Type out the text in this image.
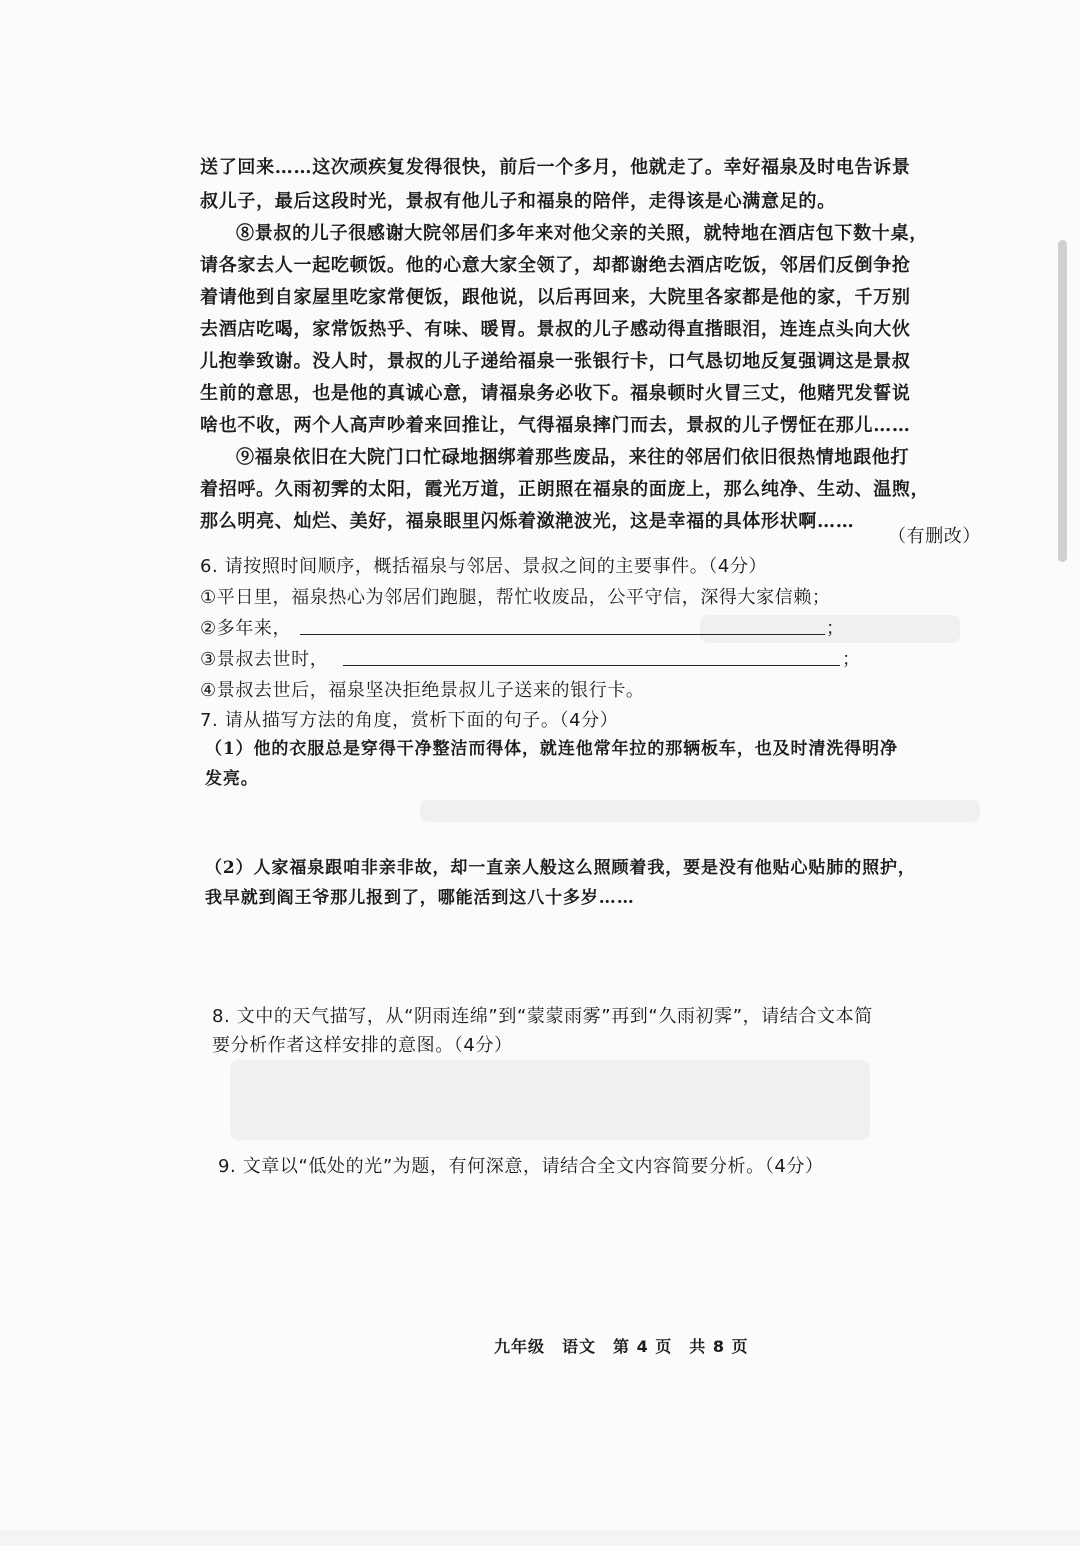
送了回来……这次顽疾复发得很快，前后一个多月，他就走了。幸好福泉及时电告诉景
叔儿子，最后这段时光，景叔有他儿子和福泉的陪伴，走得该是心满意足的。
⑧景叔的儿子很感谢大院邻居们多年来对他父亲的关照，就特地在酒店包下数十桌，
请各家去人一起吃顿饭。他的心意大家全领了，却都谢绝去酒店吃饭，邻居们反倒争抢
着请他到自家屋里吃家常便饭，跟他说，以后再回来，大院里各家都是他的家，千万别
去酒店吃喝，家常饭热乎、有味、暖胃。景叔的儿子感动得直揩眼泪，连连点头向大伙
儿抱拳致谢。没人时，景叔的儿子递给福泉一张银行卡，口气恳切地反复强调这是景叔
生前的意思，也是他的真诚心意，请福泉务必收下。福泉顿时火冒三丈，他赌咒发誓说
啥也不收，两个人高声吵着来回推让，气得福泉摔门而去，景叔的儿子愣怔在那儿……
⑨福泉依旧在大院门口忙碌地捆绑着那些废品，来往的邻居们依旧很热情地跟他打
着招呼。久雨初霁的太阳，霞光万道，正朗照在福泉的面庞上，那么纯净、生动、温煦，
那么明亮、灿烂、美好，福泉眼里闪烁着潋滟波光，这是幸福的具体形状啊……
（有删改）
6. 请按照时间顺序，概括福泉与邻居、景叔之间的主要事件。（4分）
①平日里，福泉热心为邻居们跑腿，帮忙收废品，公平守信，深得大家信赖；
②多年来，	；
③景叔去世时，	；
④景叔去世后，福泉坚决拒绝景叔儿子送来的银行卡。
7. 请从描写方法的角度，赏析下面的句子。（4分）
（1）他的衣服总是穿得干净整洁而得体，就连他常年拉的那辆板车，也及时清洗得明净
发亮。
（2）人家福泉跟咱非亲非故，却一直亲人般这么照顾着我，要是没有他贴心贴肺的照护，
我早就到阎王爷那儿报到了，哪能活到这八十多岁……
8. 文中的天气描写，从“阴雨连绵”到“蒙蒙雨雾”再到“久雨初霁”，请结合文本简
要分析作者这样安排的意图。（4分）
9. 文章以“低处的光”为题，有何深意，请结合全文内容简要分析。（4分）
九年级　语文　第 4 页　共 8 页
